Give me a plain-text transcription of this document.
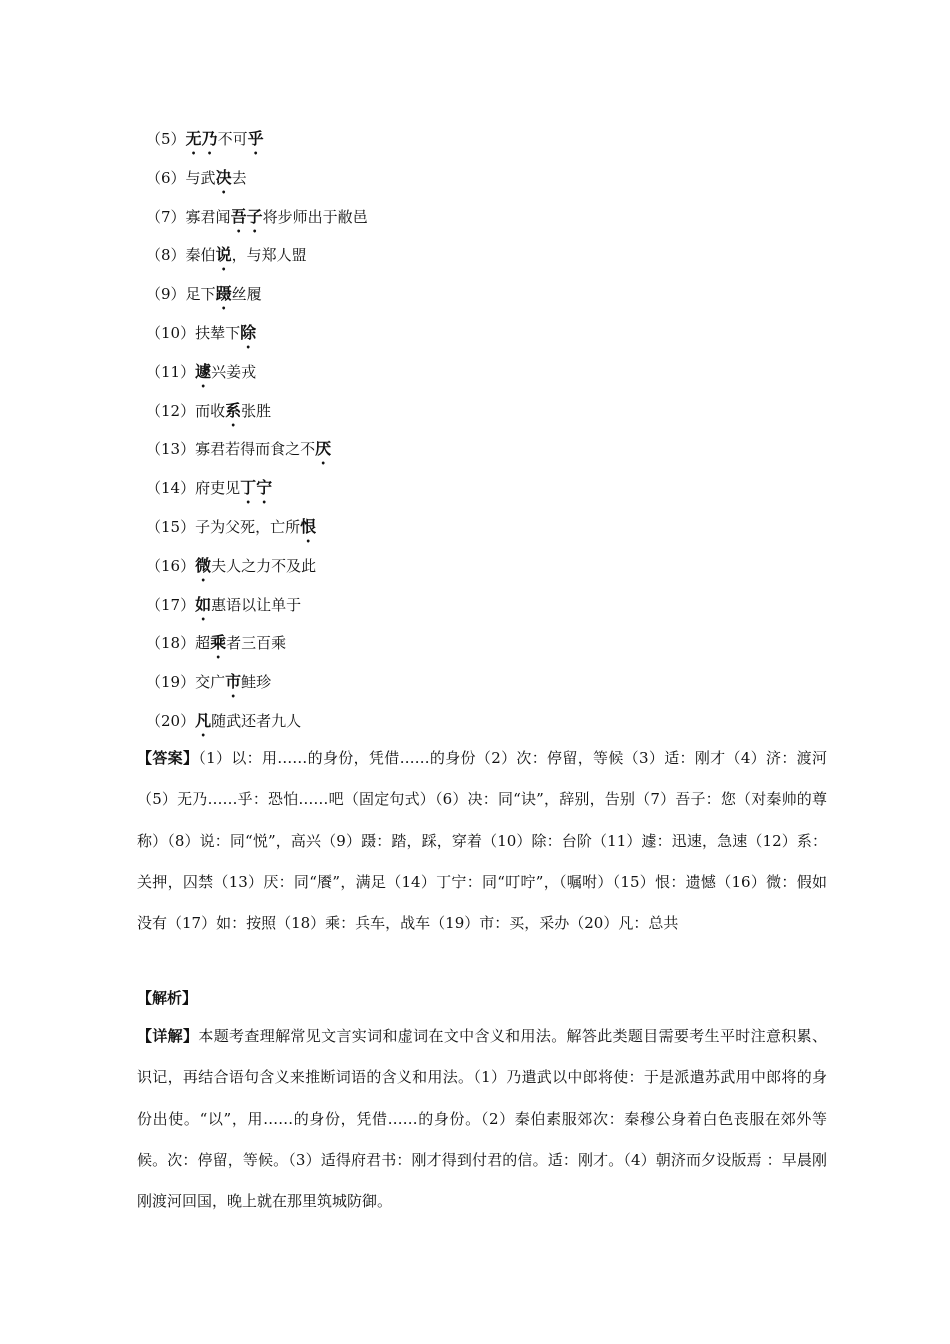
（5）无乃不可乎
（6）与武决去
（7）寡君闻吾子将步师出于敝邑
（8）秦伯说，与郑人盟
（9）足下蹑丝履
（10）扶辇下除
（11）遽兴姜戎
（12）而收系张胜
（13）寡君若得而食之不厌
（14）府吏见丁宁
（15）子为父死，亡所恨
（16）微夫人之力不及此
（17）如惠语以让单于
（18）超乘者三百乘
（19）交广市鲑珍
（20）凡随武还者九人
【答案】（1）以：用……的身份，凭借……的身份（2）次：停留，等候（3）适：刚才（4）济：渡河（5）无乃……乎：恐怕……吧（固定句式）（6）决：同“诀”，辞别，告别（7）吾子：您（对秦帅的尊称）（8）说：同“悦”，高兴（9）蹑：踏，踩，穿着（10）除：台阶（11）遽：迅速，急速（12）系：关押，囚禁（13）厌：同“餍”，满足（14）丁宁：同“叮咛”，（嘱咐）（15）恨：遗憾（16）微：假如没有（17）如：按照（18）乘：兵车，战车（19）市：买，采办（20）凡：总共
【解析】
【详解】本题考查理解常见文言实词和虚词在文中含义和用法。解答此类题目需要考生平时注意积累、识记，再结合语句含义来推断词语的含义和用法。（1）乃遣武以中郎将使：于是派遣苏武用中郎将的身份出使。“以”，用……的身份，凭借……的身份。（2）秦伯素服郊次：秦穆公身着白色丧服在郊外等候。次：停留，等候。（3）适得府君书：刚才得到付君的信。适：刚才。（4）朝济而夕设版焉 ：早晨刚刚渡河回国，晚上就在那里筑城防御。
